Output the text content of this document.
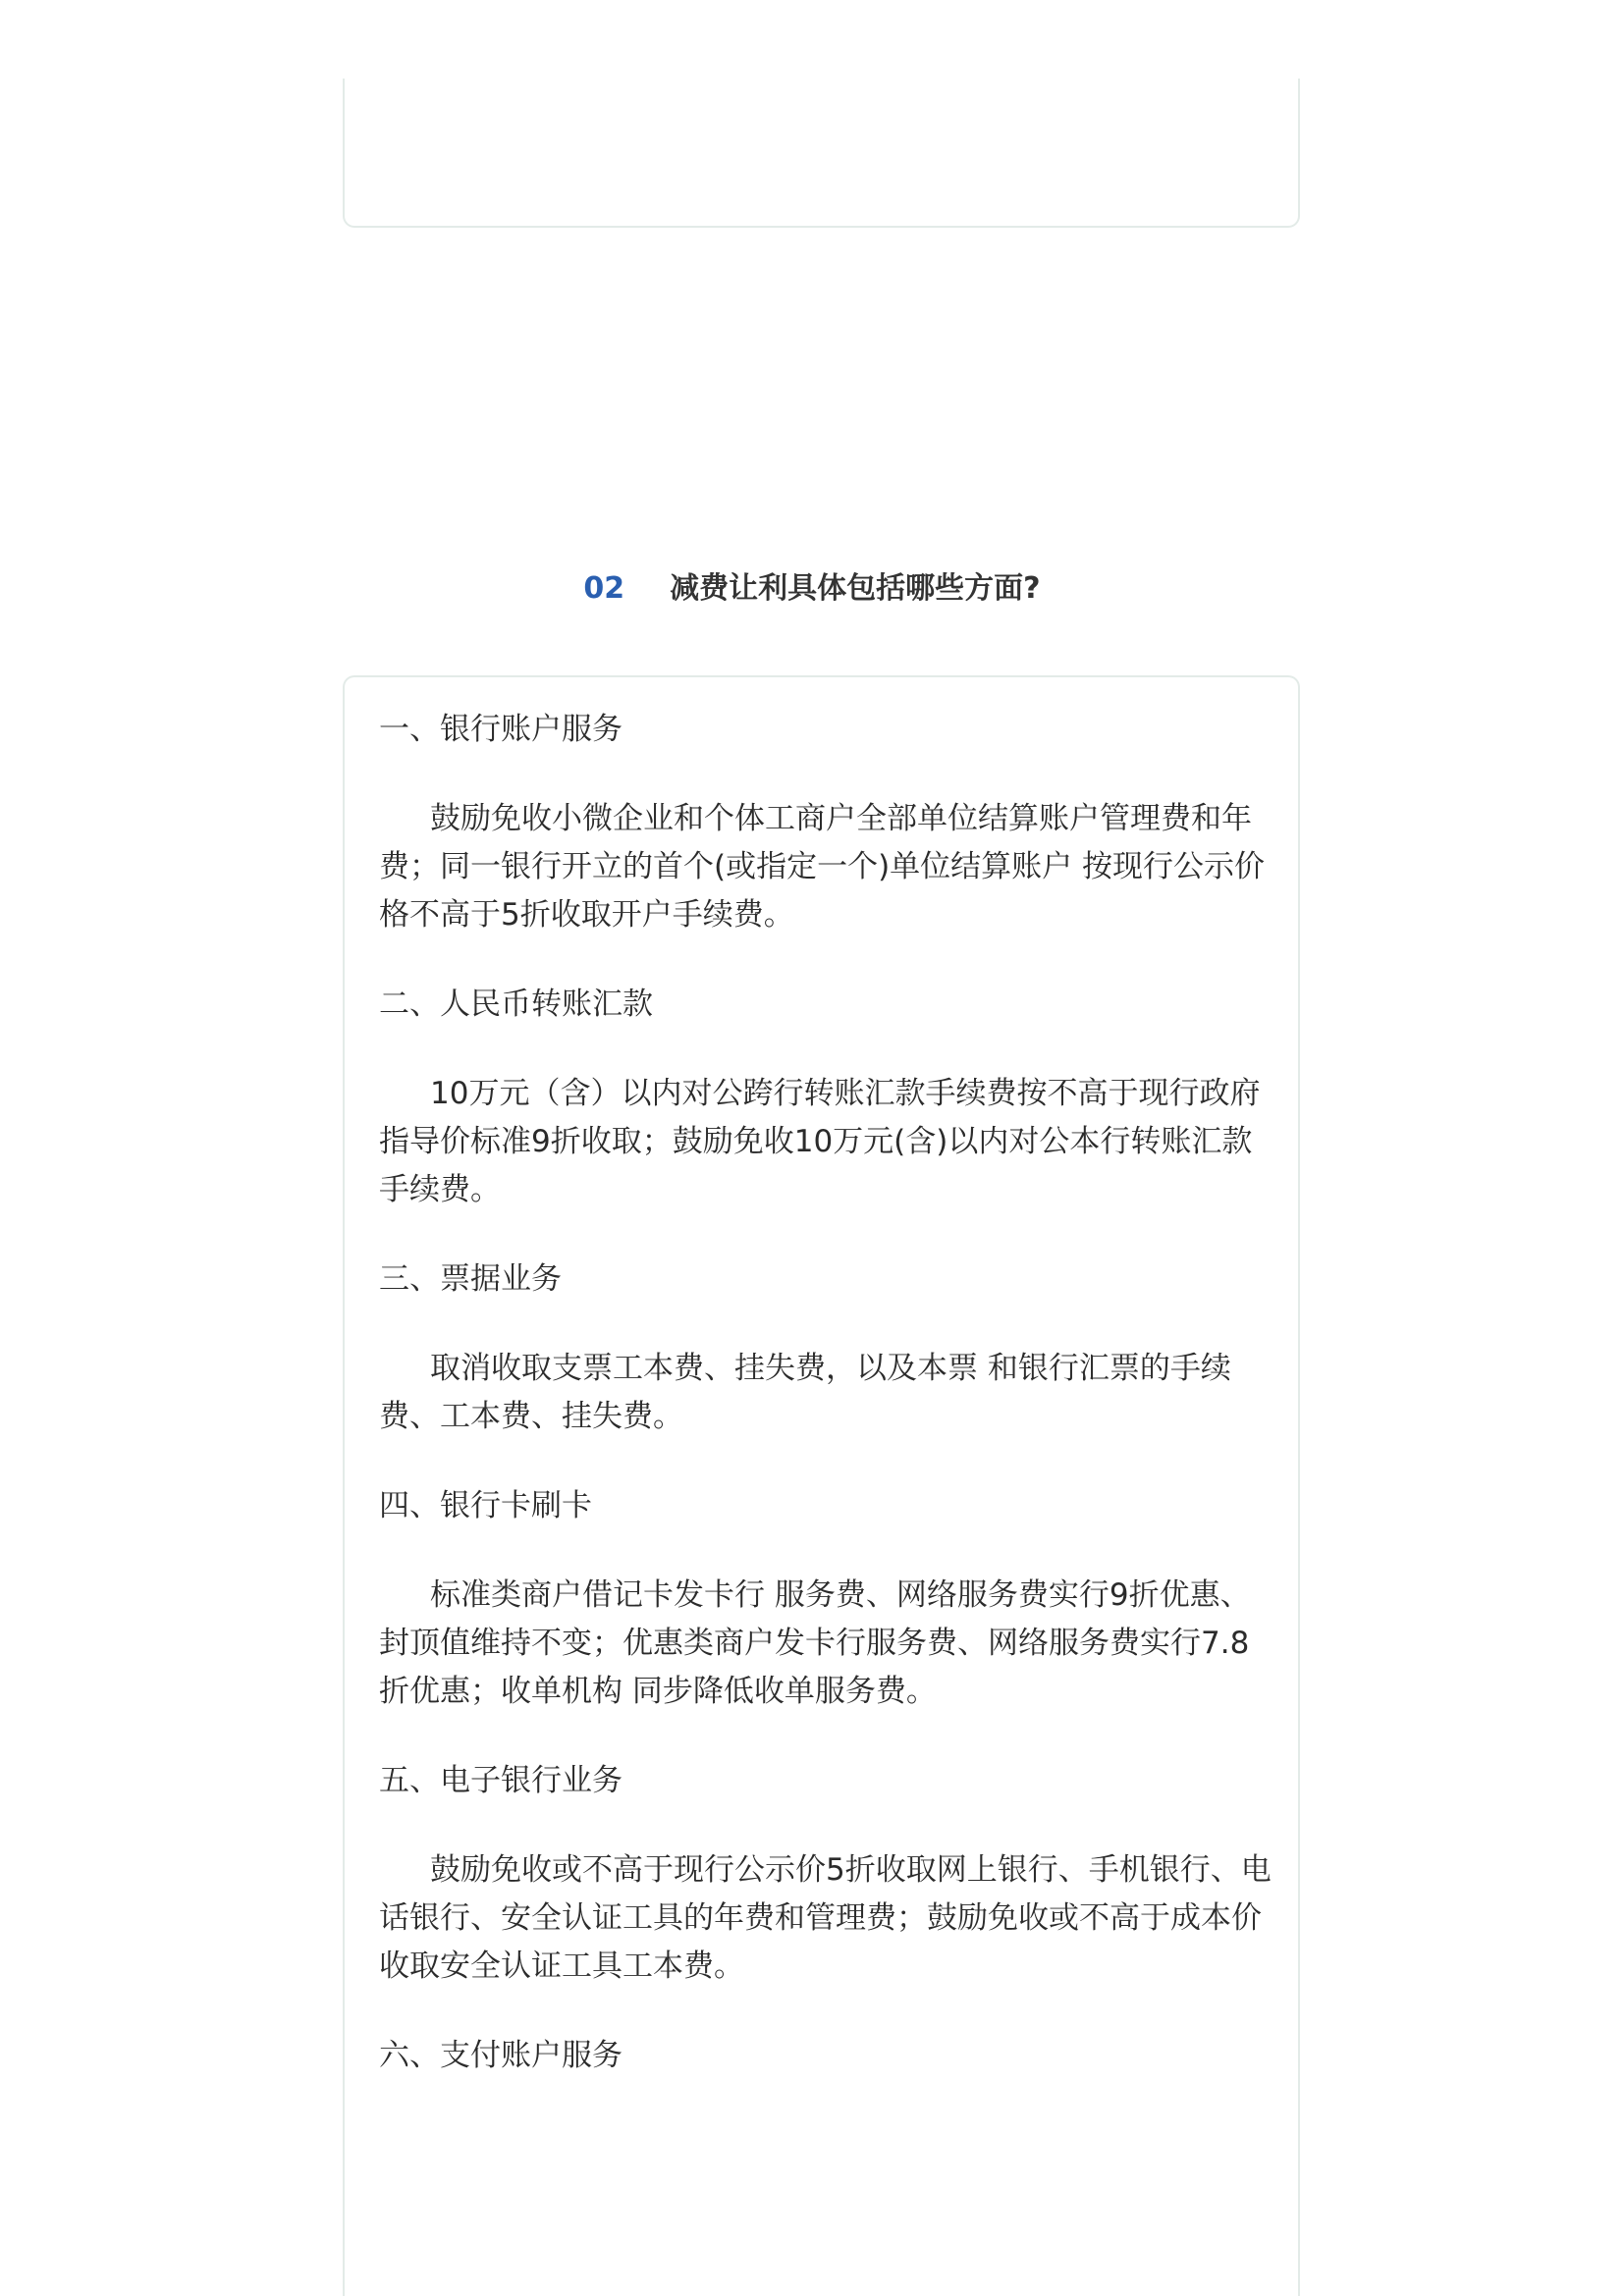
02 减费让利具体包括哪些方面?
一、银行账户服务

鼓励免收小微企业和个体工商户全部单位结算账户管理费和年费；同一银行开立的首个(或指定一个)单位结算账户 按现行公示价格不高于5折收取开户手续费。

二、人民币转账汇款

10万元（含）以内对公跨行转账汇款手续费按不高于现行政府指导价标准9折收取；鼓励免收10万元(含)以内对公本行转账汇款手续费。

三、票据业务

取消收取支票工本费、挂失费，以及本票 和银行汇票的手续费、工本费、挂失费。

四、银行卡刷卡

标准类商户借记卡发卡行 服务费、网络服务费实行9折优惠、封顶值维持不变；优惠类商户发卡行服务费、网络服务费实行7.8折优惠；收单机构 同步降低收单服务费。

五、电子银行业务

鼓励免收或不高于现行公示价5折收取网上银行、手机银行、电话银行、安全认证工具的年费和管理费；鼓励免收或不高于成本价收取安全认证工具工本费。

六、支付账户服务
